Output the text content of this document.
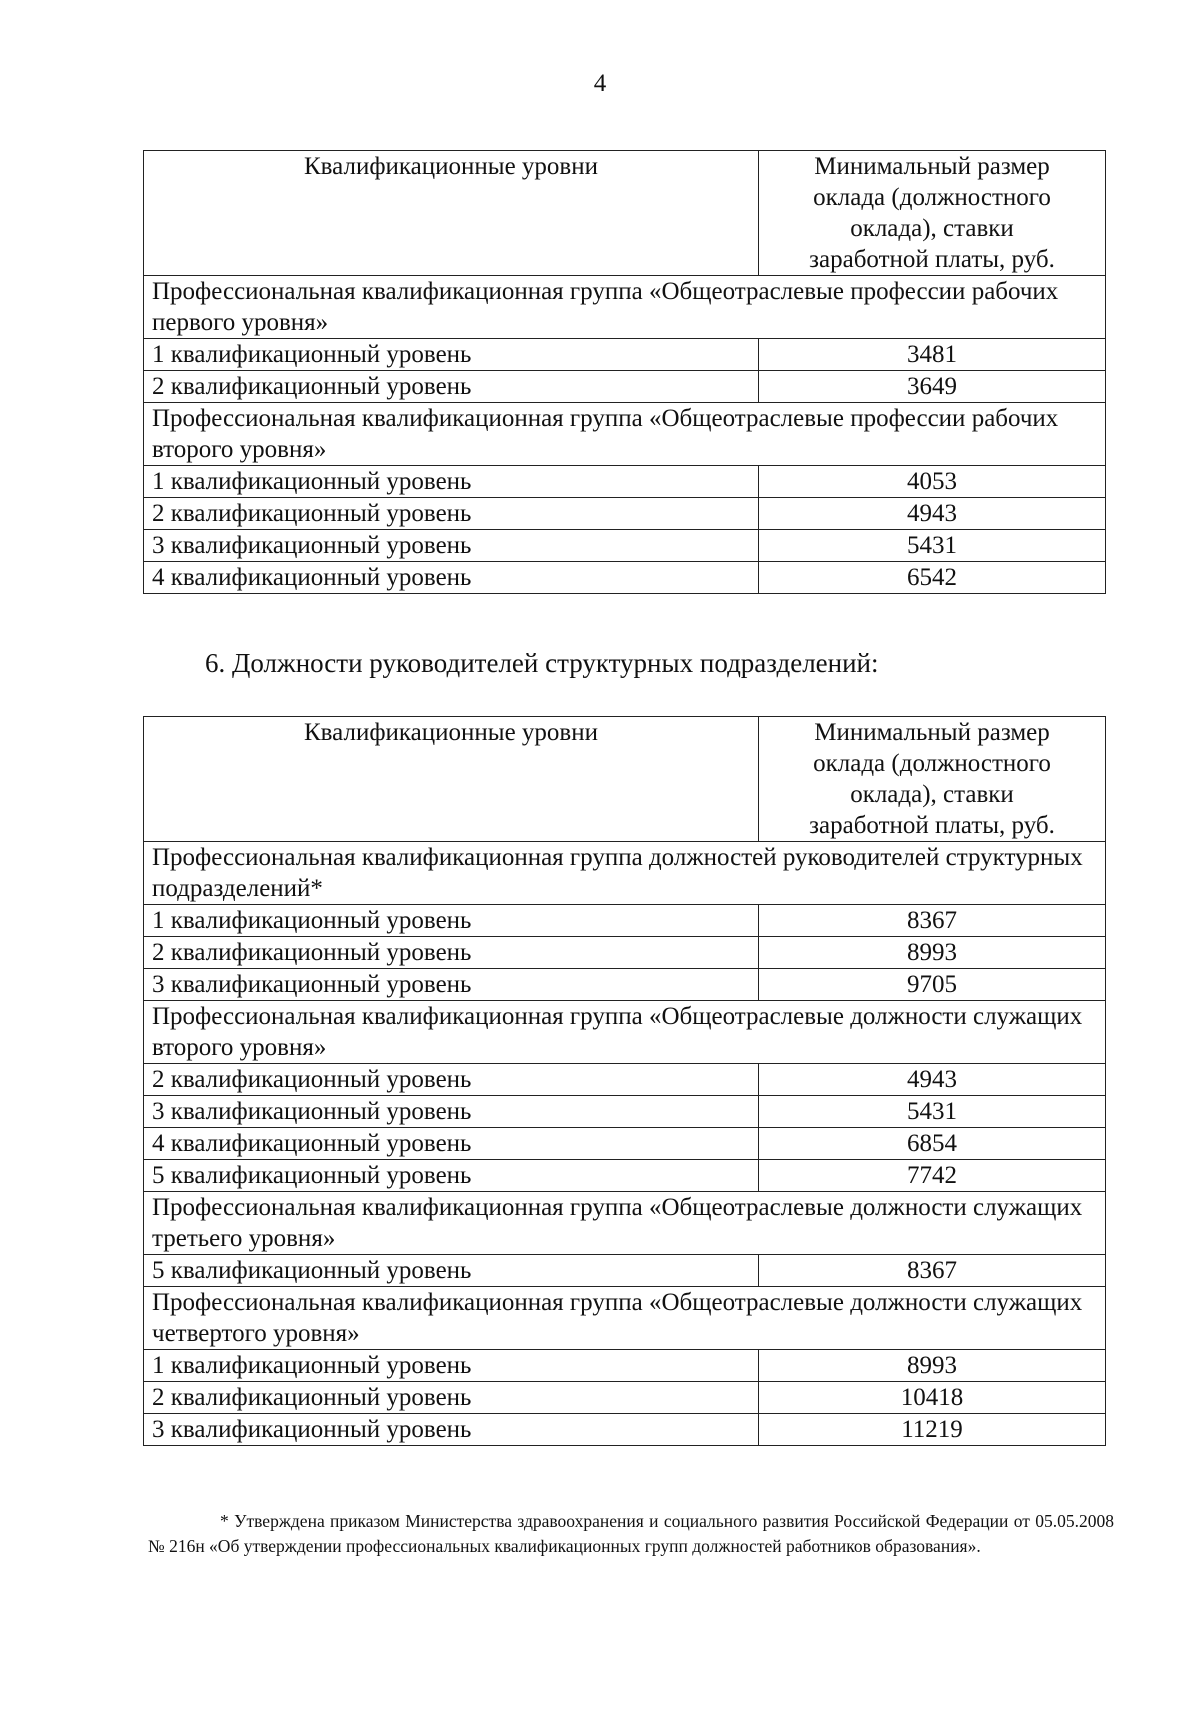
4
Квалификационные уровни	Минимальный размер
оклада (должностного
оклада), ставки
заработной платы, руб.

Профессиональная квалификационная группа «Общеотраслевые профессии рабочих первого уровня»	
1 квалификационный уровень	3481
2 квалификационный уровень	3649
Профессиональная квалификационная группа «Общеотраслевые профессии рабочих второго уровня»	
1 квалификационный уровень	4053
2 квалификационный уровень	4943
3 квалификационный уровень	5431
4 квалификационный уровень	6542
6. Должности руководителей структурных подразделений:
Квалификационные уровни	Минимальный размер
оклада (должностного
оклада), ставки
заработной платы, руб.

Профессиональная квалификационная группа должностей руководителей структурных подразделений*	
1 квалификационный уровень	8367
2 квалификационный уровень	8993
3 квалификационный уровень	9705
Профессиональная квалификационная группа «Общеотраслевые должности служащих второго уровня»	
2 квалификационный уровень	4943
3 квалификационный уровень	5431
4 квалификационный уровень	6854
5 квалификационный уровень	7742
Профессиональная квалификационная группа «Общеотраслевые должности служащих третьего уровня»	
5 квалификационный уровень	8367
Профессиональная квалификационная группа «Общеотраслевые должности служащих четвертого уровня»	
1 квалификационный уровень	8993
2 квалификационный уровень	10418
3 квалификационный уровень	11219
* Утверждена приказом Министерства здравоохранения и социального развития Российской Федерации от 05.05.2008 № 216н «Об утверждении профессиональных квалификационных групп должностей работников образования».
